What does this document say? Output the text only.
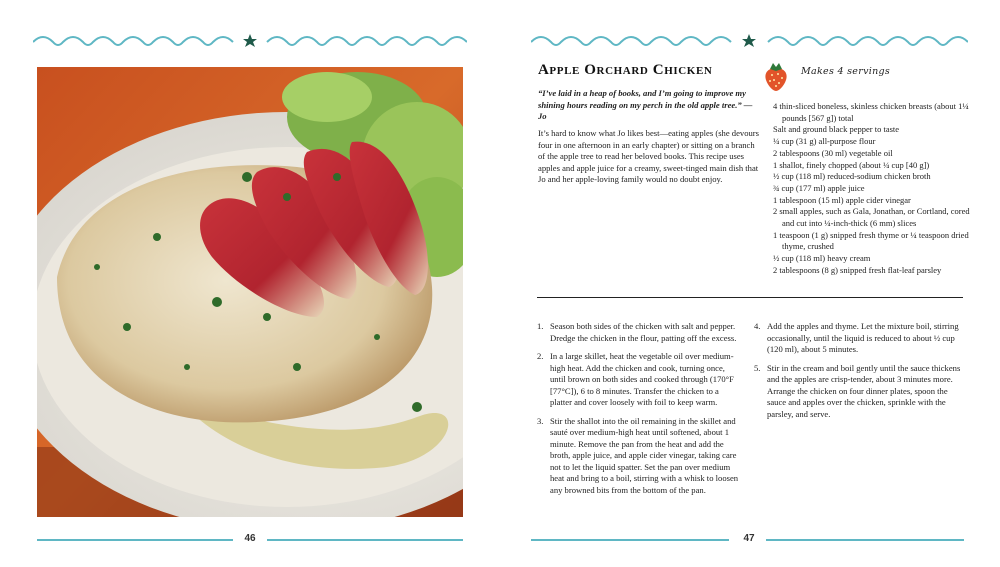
46
Apple Orchard Chicken
“I’ve laid in a heap of books, and I’m going to improve my shining hours reading on my perch in the old apple tree.” —Jo
It’s hard to know what Jo likes best—eating apples (she devours four in one afternoon in an early chapter) or sitting on a branch of the apple tree to read her beloved books. This recipe uses apples and apple juice for a creamy, sweet-tinged main dish that Jo and her apple-loving family would no doubt enjoy.
Makes 4 servings
4 thin-sliced boneless, skinless chicken breasts (about 1¼ pounds [567 g]) total
Salt and ground black pepper to taste
¼ cup (31 g) all-purpose flour
2 tablespoons (30 ml) vegetable oil
1 shallot, finely chopped (about ¼ cup [40 g])
½ cup (118 ml) reduced-sodium chicken broth
¾ cup (177 ml) apple juice
1 tablespoon (15 ml) apple cider vinegar
2 small apples, such as Gala, Jonathan, or Cortland, cored and cut into ¼-inch-thick (6 mm) slices
1 teaspoon (1 g) snipped fresh thyme or ¼ teaspoon dried thyme, crushed
½ cup (118 ml) heavy cream
2 tablespoons (8 g) snipped fresh flat-leaf parsley
1. Season both sides of the chicken with salt and pepper. Dredge the chicken in the flour, patting off the excess.
2. In a large skillet, heat the vegetable oil over medium-high heat. Add the chicken and cook, turning once, until brown on both sides and cooked through (170°F [77°C]), 6 to 8 minutes. Transfer the chicken to a platter and cover loosely with foil to keep warm.
3. Stir the shallot into the oil remaining in the skillet and sauté over medium-high heat until softened, about 1 minute. Remove the pan from the heat and add the broth, apple juice, and apple cider vinegar, taking care not to let the liquid spatter. Set the pan over medium heat and bring to a boil, stirring with a whisk to loosen any browned bits from the bottom of the pan.
4. Add the apples and thyme. Let the mixture boil, stirring occasionally, until the liquid is reduced to about ½ cup (120 ml), about 5 minutes.
5. Stir in the cream and boil gently until the sauce thickens and the apples are crisp-tender, about 3 minutes more. Arrange the chicken on four dinner plates, spoon the sauce and apples over the chicken, sprinkle with the parsley, and serve.
47
